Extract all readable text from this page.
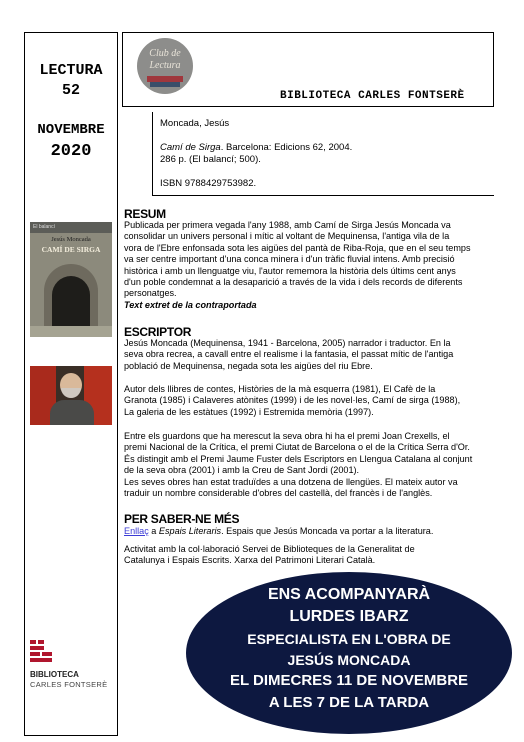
LECTURA
52
NOVEMBRE
2020
El balancí
Jesús Moncada
CAMÍ DE SIRGA
BIBLIOTECA
CARLES FONTSERÈ
Club de Lectura
BIBLIOTECA CARLES FONTSERÈ
Moncada, Jesús
Camí de Sirga. Barcelona: Edicions 62, 2004.
286 p. (El balancí; 500).
ISBN 9788429753982.
RESUM
Publicada per primera vegada l'any 1988, amb Camí de Sirga Jesús Moncada va
consolidar un univers personal i mític al voltant de Mequinensa, l'antiga vila de la
vora de l'Ebre enfonsada sota les aigües del pantà de Riba-Roja, que en el seu temps
va ser centre important d'una conca minera i d'un tràfic fluvial intens. Amb precisió
històrica i amb un llenguatge viu, l'autor rememora la història dels últims cent anys
d'un poble condemnat a la desaparició a través de la vida i dels records de diferents
personatges.
Text extret de la contraportada
ESCRIPTOR
Jesús Moncada (Mequinensa, 1941 - Barcelona, 2005) narrador i traductor. En la
seva obra recrea, a cavall entre el realisme i la fantasia, el passat mític de l'antiga
població de Mequinensa, negada sota les aigües del riu Ebre.
Autor dels llibres de contes, Històries de la mà esquerra (1981), El Cafè de la
Granota (1985) i Calaveres atònites (1999) i de les novel·les, Camí de sirga (1988),
La galeria de les estàtues (1992) i Estremida memòria (1997).
Entre els guardons que ha merescut la seva obra hi ha el premi Joan Crexells, el
premi Nacional de la Crítica, el premi Ciutat de Barcelona o el de la Crítica Serra d'Or.
És distingit amb el Premi Jaume Fuster dels Escriptors en Llengua Catalana al conjunt
de la seva obra (2001) i amb la Creu de Sant Jordi (2001).
Les seves obres han estat traduïdes a una dotzena de llengües. El mateix autor va
traduir un nombre considerable d'obres del castellà, del francès i de l'anglès.
PER SABER-NE MÉS
Enllaç a Espais Literaris. Espais que Jesús Moncada va portar a la literatura.
Activitat amb la col·laboració Servei de Biblioteques de la Generalitat de
Catalunya i Espais Escrits. Xarxa del Patrimoni Literari Català.
ENS ACOMPANYARÀ
LURDES IBARZ
ESPECIALISTA EN L'OBRA DE
JESÚS MONCADA
EL DIMECRES 11 DE NOVEMBRE
A LES 7 DE LA TARDA
